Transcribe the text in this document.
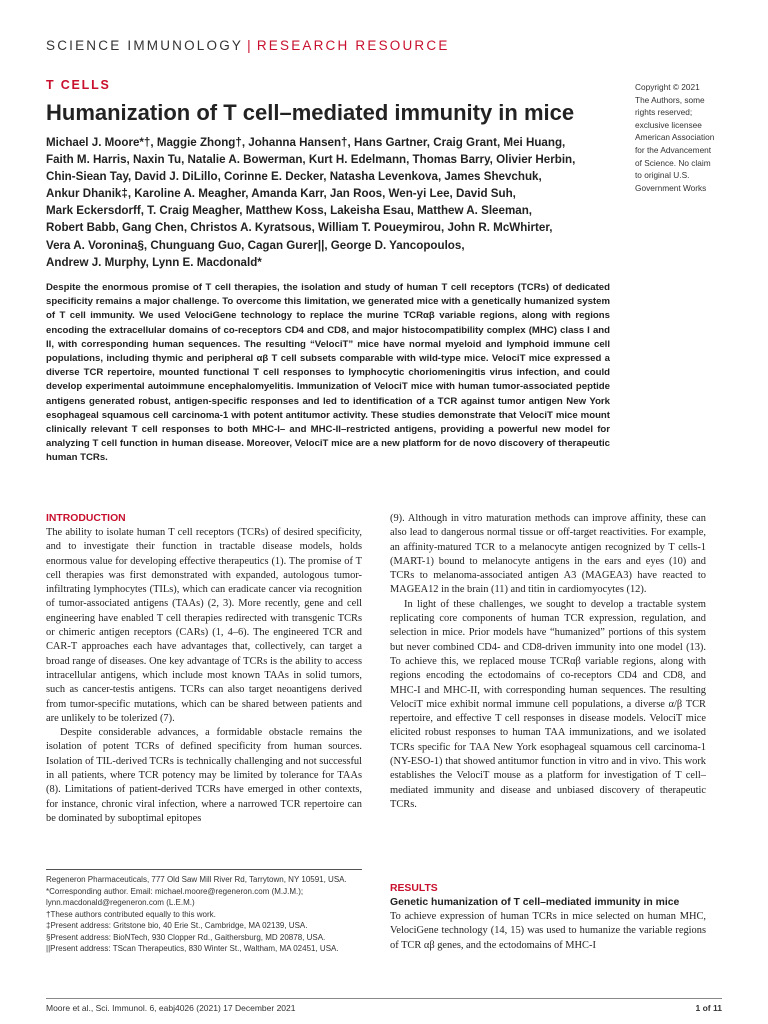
SCIENCE IMMUNOLOGY | RESEARCH RESOURCE
T CELLS
Humanization of T cell–mediated immunity in mice
Michael J. Moore*†, Maggie Zhong†, Johanna Hansen†, Hans Gartner, Craig Grant, Mei Huang,
Faith M. Harris, Naxin Tu, Natalie A. Bowerman, Kurt H. Edelmann, Thomas Barry, Olivier Herbin,
Chin-Siean Tay, David J. DiLillo, Corinne E. Decker, Natasha Levenkova, James Shevchuk,
Ankur Dhanik‡, Karoline A. Meagher, Amanda Karr, Jan Roos, Wen-yi Lee, David Suh,
Mark Eckersdorff, T. Craig Meagher, Matthew Koss, Lakeisha Esau, Matthew A. Sleeman,
Robert Babb, Gang Chen, Christos A. Kyratsous, William T. Poueymirou, John R. McWhirter,
Vera A. Voronina§, Chunguang Guo, Cagan Gurer||, George D. Yancopoulos,
Andrew J. Murphy, Lynn E. Macdonald*
Copyright © 2021
The Authors, some
rights reserved;
exclusive licensee
American Association
for the Advancement
of Science. No claim
to original U.S.
Government Works
Despite the enormous promise of T cell therapies, the isolation and study of human T cell receptors (TCRs) of dedicated specificity remains a major challenge. To overcome this limitation, we generated mice with a genetically humanized system of T cell immunity. We used VelociGene technology to replace the murine TCRαβ variable regions, along with regions encoding the extracellular domains of co-receptors CD4 and CD8, and major histocompatibility complex (MHC) class I and II, with corresponding human sequences. The resulting “VelociT” mice have normal myeloid and lymphoid immune cell populations, including thymic and peripheral αβ T cell subsets comparable with wild-type mice. VelociT mice expressed a diverse TCR repertoire, mounted functional T cell responses to lymphocytic choriomeningitis virus infection, and could develop experimental autoimmune encephalomyelitis. Immunization of VelociT mice with human tumor-associated peptide antigens generated robust, antigen-specific responses and led to identification of a TCR against tumor antigen New York esophageal squamous cell carcinoma-1 with potent antitumor activity. These studies demonstrate that VelociT mice mount clinically relevant T cell responses to both MHC-I– and MHC-II–restricted antigens, providing a powerful new model for analyzing T cell function in human disease. Moreover, VelociT mice are a new platform for de novo discovery of therapeutic human TCRs.
INTRODUCTION

The ability to isolate human T cell receptors (TCRs) of desired specificity, and to investigate their function in tractable disease models, holds enormous value for developing effective therapeutics (1). The promise of T cell therapies was first demonstrated with expanded, autologous tumor-infiltrating lymphocytes (TILs), which can eradicate cancer via recognition of tumor-associated antigens (TAAs) (2, 3). More recently, gene and cell engineering have enabled T cell therapies redirected with transgenic TCRs or chimeric antigen receptors (CARs) (1, 4–6). The engineered TCR and CAR-T approaches each have advantages that, collectively, can target a broad range of diseases. One key advantage of TCRs is the ability to access intracellular antigens, which include most known TAAs in solid tumors, such as cancer-testis antigens. TCRs can also target neoantigens derived from tumor-specific mutations, which can be shared between patients and are unlikely to be tolerized (7).

Despite considerable advances, a formidable obstacle remains the isolation of potent TCRs of defined specificity from human sources. Isolation of TIL-derived TCRs is technically challenging and not successful in all patients, where TCR potency may be limited by tolerance for TAAs (8). Limitations of patient-derived TCRs have emerged in other contexts, for instance, chronic viral infection, where a narrowed TCR repertoire can be dominated by suboptimal epitopes

(9). Although in vitro maturation methods can improve affinity, these can also lead to dangerous normal tissue or off-target reactivities. For example, an affinity-matured TCR to a melanocyte antigen recognized by T cells-1 (MART-1) bound to melanocyte antigens in the ears and eyes (10) and TCRs to melanoma-associated antigen A3 (MAGEA3) have reacted to MAGEA12 in the brain (11) and titin in cardiomyocytes (12).

In light of these challenges, we sought to develop a tractable system replicating core components of human TCR expression, regulation, and selection in mice. Prior models have “humanized” portions of this system but never combined CD4- and CD8-driven immunity into one model (13). To achieve this, we replaced mouse TCRαβ variable regions, along with regions encoding the ectodomains of co-receptors CD4 and CD8, and MHC-I and MHC-II, with corresponding human sequences. The resulting VelociT mice exhibit normal immune cell populations, a diverse α/β TCR repertoire, and effective T cell responses in disease models. VelociT mice elicited robust responses to human TAA immunizations, and we isolated TCRs specific for TAA New York esophageal squamous cell carcinoma-1 (NY-ESO-1) that showed antitumor function in vitro and in vivo. This work establishes the VelociT mouse as a platform for investigation of T cell–mediated immunity and disease and unbiased discovery of therapeutic TCRs.

RESULTS
Genetic humanization of T cell–mediated immunity in mice

To achieve expression of human TCRs in mice selected on human MHC, VelociGene technology (14, 15) was used to humanize the variable regions of TCR αβ genes, and the ectodomains of MHC-I

Regeneron Pharmaceuticals, 777 Old Saw Mill River Rd, Tarrytown, NY 10591, USA.
*Corresponding author. Email: michael.moore@regeneron.com (M.J.M.); lynn.macdonald@regeneron.com (L.E.M.)
†These authors contributed equally to this work.
‡Present address: Gritstone bio, 40 Erie St., Cambridge, MA 02139, USA.
§Present address: BioNTech, 930 Clopper Rd., Gaithersburg, MD 20878, USA.
||Present address: TScan Therapeutics, 830 Winter St., Waltham, MA 02451, USA.
Moore et al., Sci. Immunol. 6, eabj4026 (2021) 17 December 2021	1 of 11
